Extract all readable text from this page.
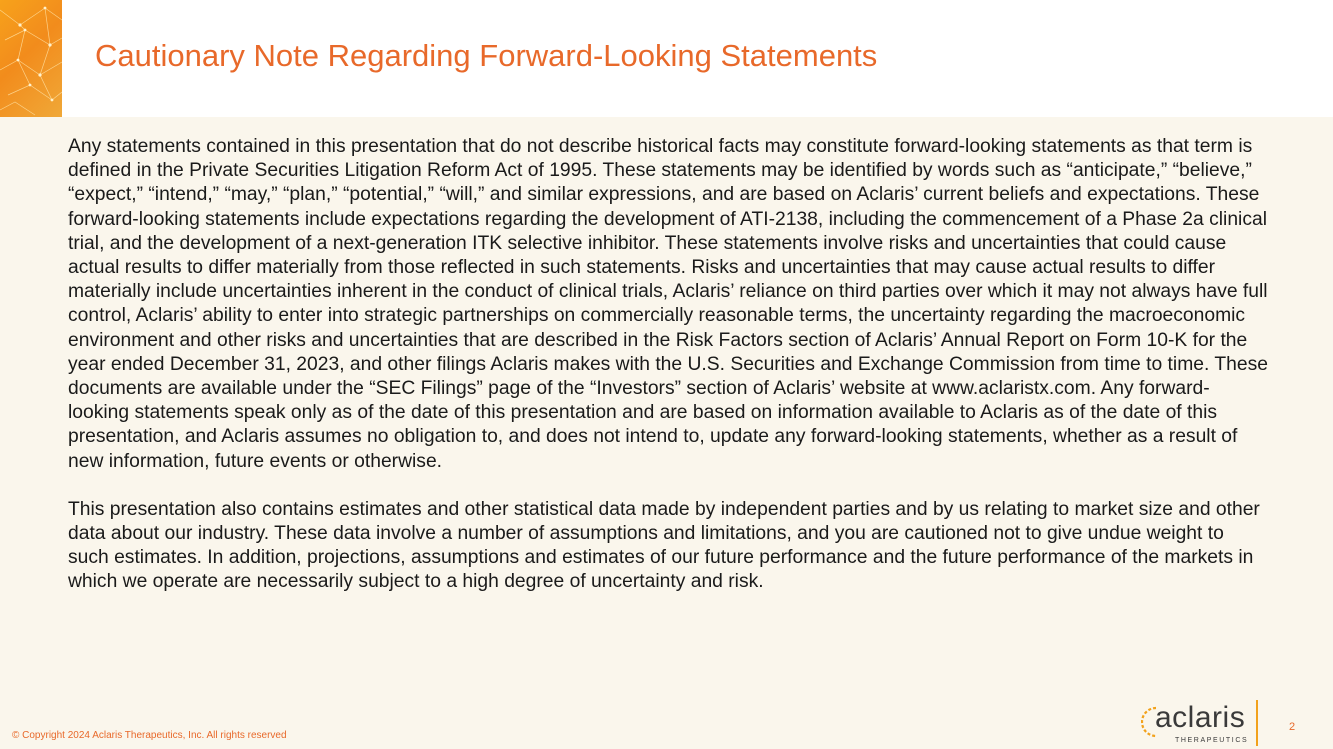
Cautionary Note Regarding Forward-Looking Statements

Any statements contained in this presentation that do not describe historical facts may constitute forward-looking statements as that term is defined in the Private Securities Litigation Reform Act of 1995. These statements may be identified by words such as “anticipate,” “believe,” “expect,” “intend,” “may,” “plan,” “potential,” “will,” and similar expressions, and are based on Aclaris’ current beliefs and expectations. These forward-looking statements include expectations regarding the development of ATI-2138, including the commencement of a Phase 2a clinical trial, and the development of a next-generation ITK selective inhibitor. These statements involve risks and uncertainties that could cause actual results to differ materially from those reflected in such statements. Risks and uncertainties that may cause actual results to differ materially include uncertainties inherent in the conduct of clinical trials, Aclaris’ reliance on third parties over which it may not always have full control, Aclaris’ ability to enter into strategic partnerships on commercially reasonable terms, the uncertainty regarding the macroeconomic environment and other risks and uncertainties that are described in the Risk Factors section of Aclaris’ Annual Report on Form 10-K for the year ended December 31, 2023, and other filings Aclaris makes with the U.S. Securities and Exchange Commission from time to time. These documents are available under the “SEC Filings” page of the “Investors” section of Aclaris’ website at www.aclaristx.com. Any forward-looking statements speak only as of the date of this presentation and are based on information available to Aclaris as of the date of this presentation, and Aclaris assumes no obligation to, and does not intend to, update any forward-looking statements, whether as a result of new information, future events or otherwise.

This presentation also contains estimates and other statistical data made by independent parties and by us relating to market size and other data about our industry. These data involve a number of assumptions and limitations, and you are cautioned not to give undue weight to such estimates. In addition, projections, assumptions and estimates of our future performance and the future performance of the markets in which we operate are necessarily subject to a high degree of uncertainty and risk.

© Copyright 2024 Aclaris Therapeutics, Inc. All rights reserved
aclaris
THERAPEUTICS
2
